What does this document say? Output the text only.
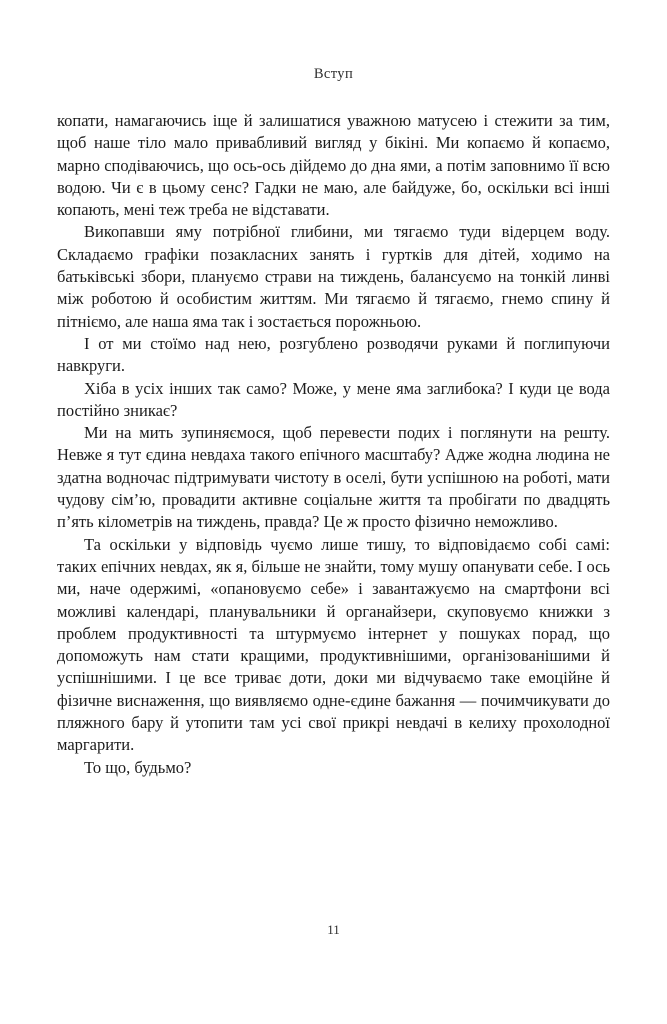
Вступ

копати, намагаючись іще й залишатися уважною матусею і стежити за тим, щоб наше тіло мало привабливий вигляд у бікіні. Ми копаємо й копаємо, марно сподіваючись, що ось-ось дійдемо до дна ями, а потім заповнимо її всю водою. Чи є в цьому сенс? Гадки не маю, але байдуже, бо, оскільки всі інші копають, мені теж треба не відставати.

Викопавши яму потрібної глибини, ми тягаємо туди відерцем воду. Складаємо графіки позакласних занять і гуртків для дітей, ходимо на батьківські збори, плануємо страви на тиждень, балансуємо на тонкій линві між роботою й особистим життям. Ми тягаємо й тягаємо, гнемо спину й пітніємо, але наша яма так і зостається порожньою.

І от ми стоїмо над нею, розгублено розводячи руками й поглипуючи навкруги.

Хіба в усіх інших так само? Може, у мене яма заглибока? І куди це вода постійно зникає?

Ми на мить зупиняємося, щоб перевести подих і поглянути на решту. Невже я тут єдина невдаха такого епічного масштабу? Адже жодна людина не здатна водночас підтримувати чистоту в оселі, бути успішною на роботі, мати чудову сім’ю, провадити активне соціальне життя та пробігати по двадцять п’ять кілометрів на тиждень, правда? Це ж просто фізично неможливо.

Та оскільки у відповідь чуємо лише тишу, то відповідаємо собі самі: таких епічних невдах, як я, більше не знайти, тому мушу опанувати себе. І ось ми, наче одержимі, «опановуємо себе» і завантажуємо на смартфони всі можливі календарі, планувальники й органайзери, скуповуємо книжки з проблем продуктивності та штурмуємо інтернет у пошуках порад, що допоможуть нам стати кращими, продуктивнішими, організованішими й успішнішими. І це все триває доти, доки ми відчуваємо таке емоційне й фізичне виснаження, що виявляємо одне-єдине бажання — почимчикувати до пляжного бару й утопити там усі свої прикрі невдачі в келиху прохолодної маргарити.

То що, будьмо?

11
